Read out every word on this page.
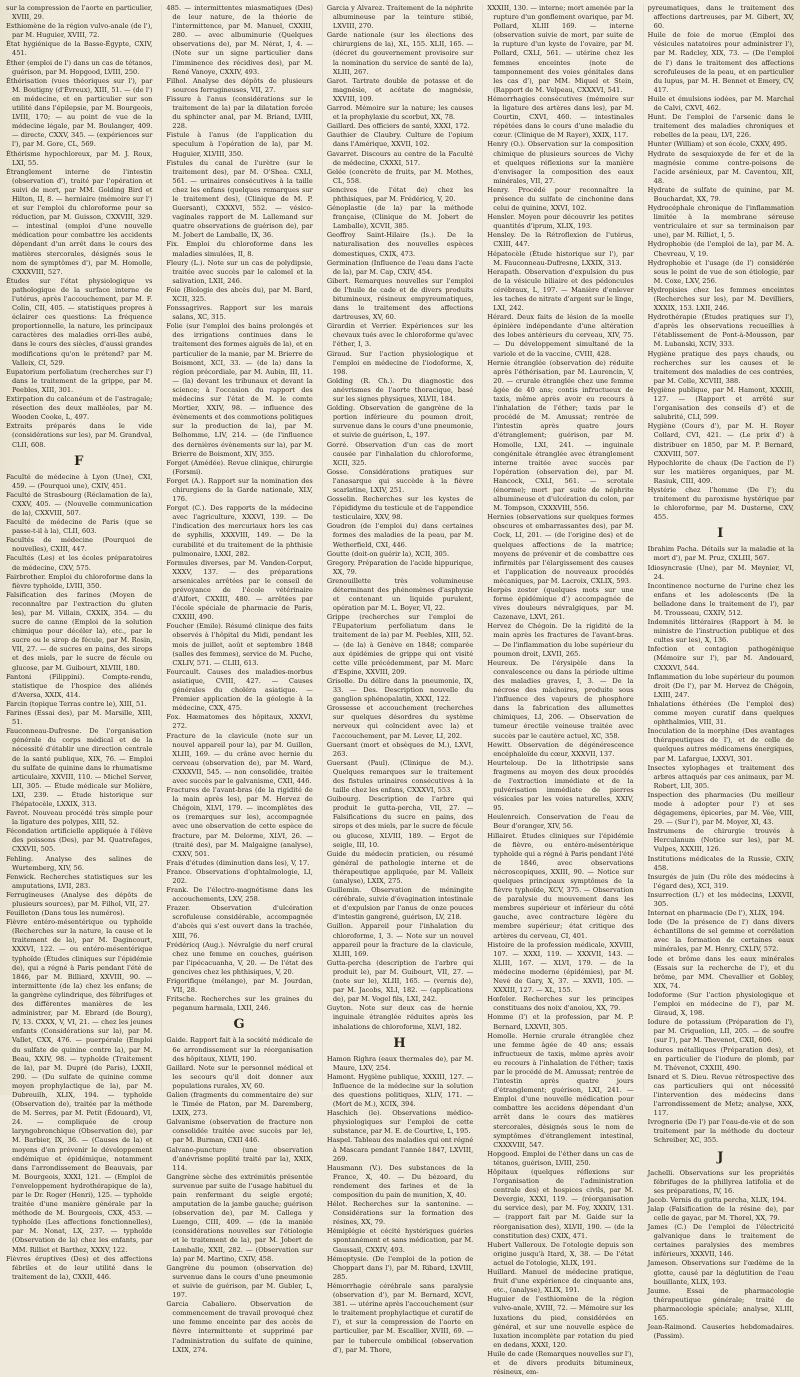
sur la compression de l'aorte en particulier, XVIII, 29.

Esthiomène de la région vulvo-anale (de l'), par M. Huguier, XVIII, 72.

État hygiénique de la Basse-Égypte, CXIV, 451.

Éther (emploi de l') dans un cas de tétanos, guérison, par M. Hopgood, LVIII, 250.

Éthérisation (vues théoriques sur l'), par M. Boutigny (d'Évreux), XIII, 51. — (de l') en médecine, et en particulier sur son utilité dans l'épilepsie, par M. Bourgeois, LVIII, 170; — au point de vue de la médecine légale, par M. Boulanger, 409. — directe, CXXV, 345. — (expériences sur l'), par M. Gore, CL, 569.

Éthérisme hypochloreux, par M. J. Roux, LXI, 55.

Étranglement interne de l'intestin (observation d'), traité par l'opération et suivi de mort, par MM. Golding Bird et Hilton, II, 8. — herniaire (mémoire sur l') et sur l'emploi du chloroforme pour sa réduction, par M. Guisson, CXXVIII, 329. — intestinal (emploi d'une nouvelle médication pour combattre les accidents dépendant d'un arrêt dans le cours des matières stercorales, désignés sous le nom de symptômes d'), par M. Homolle, CXXXVIII, 527.

Études sur l'état physiologique vs pathologique de la surface interne de l'utérus, après l'accouchement, par M. F. Colin, CII, 405. — statistiques propres à éclairer ces questions: La fréquence proportionnelle, la nature, les principaux caractères des maladies orri-îles aubé, dans le cours des siècles, d'aussi grandes modifications qu'on le prétend? par M. Valleix, CI, 529.

Eupatorium perfoliatum (recherches sur l') dans le traitement de la grippe, par M. Peebles, XIII, 301.

Extirpation du calcanéum et de l'astragale; résection des deux malléoles, par M. Wooden Cooke, L, 497.

Extraits préparés dans le vide (considérations sur les), par M. Grandval, CLII, 608.

F

Faculté de médecine à Lyon (Une), CXI, 459. — (Pourquoi une), CXIV, 451.

Faculté de Strasbourg (Réclamation de la), CXXV, 405. — (Nouvelle communication de la), CXXVIII, 507.

Faculté de médecine de Paris (que se passe-t-il à la), CLII, 603.

Facultés de médecine (Pourquoi de nouvelles), CXIII, 447.

Facultés (Les) et les écoles préparatoires de médecine, CXV, 575.

Fairbrother. Emploi du chloroforme dans la fièvre typhoïde, LVIII, 350.

Falsification des farines (Moyen de reconnaître par l'extraction du gluten les), par M. Villain, CXXIX, 354. — du sucre de canne (Emploi de la solution chimique pour décéler la), etc., par le sucre ou le sirop de fécule, par M. Rosin, VII, 27. — de sucres en pains, des sirops et des miels, par le sucre de fécule ou glucose, par M. Guibourt, XLVIII, 180.

Fantoni (Filippini). Compte-rendu, statistique de l'hospice des aliénés d'Aversa, XXIX, 414.

Farcin (topique Terras contre le), XIII, 51.

Farines (Essai des), par M. Marsille, XIII, 51.

Fauconneau-Dufresne. De l'organisation générale du corps médical et de la nécessité d'établir une direction centrale de la santé publique, XIX, 76. — Emploi du sulfate de quinine dans le rhumatisme articulaire, XXVIII, 110. — Michel Server, LII, 305. — Étude médicale sur Molière, LXI, 239. — Étude historique sur l'hépatocèle, LXXIX, 313.

Favrot. Nouveau procédé très simple pour la ligature des polypes, XIII, 52.

Fécondation artificielle appliquée à l'élève des poissons (Des), par M. Quatrefages, CXXVII, 505.

Fehling. Analyse des salines de Wurtemberg, XIV, 56.

Fenwick. Recherches statistiques sur les amputations, LVII, 283.

Ferrugineuses (Analyse des dépôts de plusieurs sources), par M. Filhol, VII, 27.

Feuilleton (Dans tous les numéros).

Fièvre entéro-mésentérique ou typhoïde (Recherches sur la nature, la cause et le traitement de la), par M. Dagincourt, XXXVI, 122. — ou entéro-mésentérique typhoïde (Études cliniques sur l'épidémie de), qui a régné à Paris pendant l'été de 1846, par M. Billiard, XXVIII, 90. — intermittente (de la) chez les enfans; de la gangrène cylindrique, des fébrifuges et des différentes manières de les administrer, par M. Ebrard (de Bourg), IV, 13. CXXX, V, VI, 21. — chez les jeunes enfants (Considérations sur la), par M. Vallet, CXX, 476. — puerpérale (Emploi du sulfate de quinine contre la), par M. Beau, XXIV, 98. — typhoïde (Traitement de la), par M. Dupré (de Paris), LXXII, 290. — (Du sulfate de quinine comme moyen prophylactique de la), par M. Dubreuilh, XLIX, 194. — typhoïde (Observation de), traitée par la méthode de M. Serres, par M. Petit (Édouard), VI, 24. — compliquée de croup laryngobronchique (Observation de), par M. Barbier, IX, 36. — (Causes de la) et moyens d'en prévenir le développement endémique et épidémique, notamment dans l'arrondissement de Beauvais, par M. Bourgeois, XXXI, 121. — (Emploi de l'enveloppement hydrothérapique de la), par le Dr. Roger (Henri), 125. — typhoïde traitée d'une manière générale par la méthode de M. Bourgeois, CXX, 453. — typhoïde (Les affections fonctionnelles), par M. Nonat, LX, 237. — typhoïde (Observation de la) chez les enfants, par MM. Rilliet et Barthez, XXXV, 122.

Fièvres éruptives (Des) et des affections fébriles et de leur utilité dans le traitement de la), CXXII, 446.

485. — intermittentes miasmatiques (Des) de leur nature, de la théorie de l'intermittence, par M. Manuel, CXXIII, 280. — avec albuminurie (Quelques observations de), par M. Nérat, I, 4. — (Note sur un signe particulier dans l'imminence des récidives des), par M. René Vanoye, CXXIV, 493.

Filhol. Analyse des dépôts de plusieurs sources ferrugineuses, VII, 27.

Fissure à l'anus (considérations sur le traitement de la) par la dilatation forcée du sphincter anal, par M. Briand, LVIII, 228.

Fistule à l'anus (de l'application du speculum à l'opération de la), par M. Huguier, XLVIII, 350.

Fistules du canal de l'urètre (sur le traitement des), par M. O'Shea. CXLI, 561. — urinaires consécutives à la taille chez les enfans (quelques remarques sur le traitement des), (Clinique de M. P. Guersant), CXXXVI, 552. — vésico-vaginales rapport de M. Lallemand sur quatre observations de guérison de), par M. Jobert de Lamballe, IX, 36.

Fix. Emploi du chloroforme dans les maladies simulées, II, 8.

Fleury (L.). Note sur un cas de polydipsie, traitée avec succès par le calomel et la salivation, LXII, 246.

Foie (Biologie des abcès du), par M. Bard, XCII, 325.

Fonssagrives. Rapport sur les marais salans, XC, 315.

Folie (sur l'emploi des bains prolongés et des irrigations continues dans le traitement des formes aiguës de la), et en particulier de la manie, par M. Brierre de Boismont, XCI, 33. — (de la) dans la région précordiale, par M. Aubin, III, 11. — (la) devant les tribunaux et devant la science; à l'occasion du rapport des médecins sur l'état de M. le comte Mortier, XXIV, 98. — influence des évènements et des commotions politiques sur la production de la), par M. Belhomme, LIV, 214. — (de l'influence des dernières évènements sur la), par M. Brierre de Boismont, XIV, 355.

Forget (Amédée). Revue clinique, chirurgie (Forsmi).

Forget (A.). Rapport sur la nomination des chirurgiens de la Garde nationale, XLV, 176.

Forget (C.). Des rapports de la médecine avec l'agriculture, XXXVI, 139. — De l'indication des mercuriaux hors les cas de syphilis, XXXVIII, 149. — De la curabilité et du traitement de la phthisie pulmonaire, LXXI, 282.

Formules diverses, par M. Vanden-Corput, XXXV, 137. — des préparations arsenicales arrêtées par le conseil de prévoyance de l'école vétérinaire d'Alfort, CXXIII, 480. — arrêtées par l'école spéciale de pharmacie de Paris, CXXIII, 490.

Foucher (Emile). Résumé clinique des faits observés à l'hôpital du Midi, pendant les mois de juillet, août et septembre 1848 (salles des femmes), service de M. Puche, CXLIV, 571. — CLIII, 613.

Fourcault. Causes des maladies-morbus asiatique, CVIII, 427. — Causes générales du choléra asiatique. — Premier application de la géologie à la médecine, CXX, 475.

Fox. Hæmatomes des hôpitaux, XXXVI, 272.

Fracture de la clavicule (note sur un nouvel appareil pour la), par M. Guillon, XLIII, 169. — du crâne avec hernie du cerveau (observation de), par M. Ward, CXXXVII, 545. — non consolidée, traitée avec succès par le galvanisme, CXII, 446.

Fractures de l'avant-bras (de la rigidité de la main après les), par M. Hervez de Chégoin, XLVI, 179. — incomplètes des os (remarques sur les), accompagnée avec une observation de cette espèce de fracture, par M. Delorme, XLVI, 26. — (traité des), par M. Malgaigne (analyse), CXXV, 501.

Frais d'études (diminution dans les), V, 17.

France. Observations d'ophtalmologie, LI, 202.

Frank. De l'électro-magnétisme dans les accouchements, LXV, 258.

Frazer. Observation d'ulcération scrofuleuse considérable, accompagnée d'abcès qui s'est ouvert dans la trachée, XIII, 76.

Frédéricq (Aug.). Névralgie du nerf crural chez une femme en couches, guérison par l'ipécacuanha, V, 20. — De l'état des gencives chez les phthisiques, V, 20.

Frigorifique (mélange), par M. Jourdan, VII, 28.

Fritsche. Recherches sur les graines du peganum harmala, LXII, 246.

G

Gaide. Rapport fait à la société médicale de 6e arrondissement sur la réorganisation des hôpitaux, XLVII, 190.

Gaillard. Note sur le personnel médical et les secours qu'il doit donner aux populations rurales, XV, 60.

Galien (fragments du commentaire de) sur le Timée de Platon, par M. Daremberg, LXIX, 273.

Galvanisme (observation de fracture non consolidée traitée avec succès par le), par M. Burman, CXII 446.

Galvano-puncture (une observation d'anévrisme poplité traité par la), XXIX, 114.

Gangrène sèche des extrémités présentée survenue par suite de l'usage habituel du pain renfermant du seigle ergoté; amputation de la jambe gauche; guérison (observation de), par M. Callega y Luengo, CIII, 409. — (de la maniée (considérations nouvelles sur l'étiologie et le traitement de la), par M. Jobert de Lamballe, XXII, 282. — (Observation sur la) par M. Martino, CXIV, 458.

Gangrène du poumon (observation de) survenue dans le cours d'une pneumonie et suivie de guérison, par M. Gubler, L, 197.

Garcia Cabaliero. Observation de commencement de travail provoqué chez une femme enceinte par des accès de fièvre intermittente et supprimé par l'administration du sulfate de quinine, LXIX, 274.

Garcia y Alvarez. Traitement de la néphrite albumineuse par la teinture stibié, LXVIII, 270.

Garde nationale (sur les élections des chirurgiens de la), XL, 155. XLII, 165. — (décret du gouvernement provisoire sur la nomination du service de santé de la), XLIII, 267.

Garot. Tartrate double de potasse et de magnésie, et acétate de magnésie, XXVIII, 109.

Garrod. Mémoire sur la nature; les causes et la prophylaxie du scorbut, XX, 78.

Gaillard. Des officiers de santé, XXXI, 172.

Gauthier de Claubry. Culture de l'opium dans l'Amérique, XXVII, 102.

Gavarret. Discours au centre de la Faculté de médecine, CXXXI, 517.

Gelée (concrète de fruits, par M. Mothes, CL, 558.

Gencives (de l'état de) chez les phthisiques, par M. Frédéricq, V, 20.

Génoplastie (de la) par la méthode française, (Clinique de M. Jobert de Lamballe), XCVII, 385.

Geoffroy Saint-Hilaire (Is.). De la naturalisation des nouvelles espèces domestiques, CXIX, 473.

Germination (Influence de l'eau dans l'acte de la), par M. Cap, CXIV, 454.

Gibert. Remarques nouvelles sur l'emploi de l'huile de cade et de divers produits bitumineux, résineux empyreumatiques, dans le traitement des affections dartreuses, XV, 60.

Girardin et Verrier. Expériences sur les chevaux tués avec le chloroforme qu'avec l'éther, I, 3.

Giraud. Sur l'action physiologique et l'emploi en médecine de l'iodoforme, X, 198.

Golding (R. Ch.). Du diagnostic des anévrismes de l'aorte thoracique, basé sur les signes physiques, XLVII, 184.

Golding. Observation de gangrène de la portion inférieure du poumon droit, survenue dans le cours d'une pneumonie, et suivie de guérison, L, 197.

Gorré. Observation d'un cas de mort causée par l'inhalation du chloroforme, XCII, 325.

Gosse. Considérations pratiques sur l'anasarque qui succède à la fièvre scarlatine, LXIV, 251.

Gosselin. Recherches sur les kystes de l'épididyme du testicule et de l'appendice testiculaire, XXV, 98.

Goudron (de l'emploi du) dans certaines formes des maladies de la peau, par M. Wetherfield, CXI, 446.

Goutte (doit-on guérir la), XCII, 305.

Gregory. Préparation de l'acide hippurique, XX, 79.

Grenouillette très volumineuse déterminant des phénomènes d'asphyxie et contenant un liquide purulent, opération par M. L. Boyer, VI, 22.

Grippe (recherches sur l'emploi de l'Eupatorium perfoliatum dans le traitement de la) par M. Peebles, XIII, 52. — (de la) à Genève en 1848; comparée aux épidémies de grippe qui ont visité cette ville précédemment, par M. Marc d'Espine, XXVIII, 209.

Grisolle. Du délire dans la pneumonie, IX, 33. — Des. Description nouvelle du ganglion sphénopalatin, XXXI, 122.

Grossesse et accouchement (recherches sur quelques désordres du système nerveux qui coïncident avec la) et l'accouchement, par M. Lever, LI, 202.

Guersant (mort et obsèques de M.), LXVI, 263.

Guersant (Paul). (Clinique de M.). Quelques remarques sur le traitement des fistules urinaires consécutives à la taille chez les enfans, CXXXVI, 553.

Guibourg. Description de l'arbre qui produit le gutta-percha, VII, 27. — Falsifications du sucre en pains, des sirops et des miels, par le sucre de fécule ou glucose, XLVIII, 189. — Ergot de seigle, III, 10.

Guide du médecin praticien, ou résumé général de pathologie interne et de thérapeutique appliquée, par M. Valleix (analyse), LXIX, 275.

Guillemin. Observation de méningite cérébrale, suivie d'évagination intestinale et d'expulsion par l'anus de onze pouces d'intestin gangrené, guérison, LV, 218.

Guillon. Appareil pour l'inhalation du chloroforme, I, 3. — Note sur un nouvel appareil pour la fracture de la clavicule, XLIII, 169.

Gutta-percha (description de l'arbre qui produit le), par M. Guibourt, VII, 27. — (note sur le), XLIII, 165. — (vernis de), par M. Jacobs, XLI, 182. — (applications de), par M. Vogel fils, LXI, 242.

Guyton. Note sur deux cas de hernie inguinale étranglée réduites après les inhalations de chloroforme, XLVI, 182.

H

Hamon Righra (eaux thermales de), par M. Maure, LXV, 254.

Hamont. Hygiène publique, XXXIII, 127. — Influence de la médecine sur la solution des questions politiques, XLIV, 171. — (Mort de M.), XCIX, 394.

Haschich (le). Observations médico-physiologiques sur l'emploi de cette substance, par M. E. de Courtive, L, 195.

Haspel. Tableau des maladies qui ont régné à Mascara pendant l'année 1847, LXVIII, 269.

Hausmann (V.). Des substances de la France, X, 40. — Du bézoard, du rendement des farines et de la composition du pain de munition, X, 40.

Hélot. Recherches sur la santonine. — Considérations sur la formation des résines, XX, 79.

Hémiplégie et cécité hystériques guéries spontanément et sans médication, par M. Gaussail, CXXIV, 493.

Hémoptysie. (De l'emploi de la potion de Choppart dans l'), par M. Ribard, LXVIII, 285.

Hémorrhagie cérébrale sans paralysie (observation d'), par M. Bernard, XCVI, 381. — utérine après l'accouchement (sur le traitement prophylactique et curatif de l'), et sur la compression de l'aorte en particulier, par M. Escallier, XVIII, 69. — par le tubercule ombilical (observation d'), par M. Thore,

XXXIII, 130. — interne; mort amenée par la rupture d'un gonflement ovarique, par M. Pollard, XLIII 169. — interne (observation suivie de mort, par suite de la rupture d'un kyste de l'ovaire, par M. Pollard, CXLI, 561. — utérine chez les femmes enceintes (note de tamponnement des voies génitales dans les cas d'), par MM. Miquel et Stein, (Rapport de M. Velpeau, CXXXVI, 541.

Hémorrhagies consécutives (mémoire sur la ligature des artères dans les), par M. Courtin, CXVI, 460. — intestinales répétées dans le cours d'une maladie du cœur. (Clinique de M Rayer), XXIX, 117.

Henry (O.). Observation sur la composition chimique de plusieurs sources de Vichy et quelques réflexions sur la manière d'envisager la composition des eaux minérales, VII, 27.

Henry. Procédé pour reconnaître la présence du sulfate de cinchonine dans celui de quinine, XXVI, 102.

Hensler. Moyen pour découvrir les petites quantités d'iprum, XLIX, 193.

Hensley. De la Rétroflexion de l'utérus, CXIII, 447.

Hépatocèle (Étude historique sur l'), par M. Fauconneau-Dufresne, LXXIX, 313.

Herapath. Observation d'expulsion du pus de la vésicule biliaire et des pédoncules cérébraux, L, 197. — Manière d'enlever les taches de nitrate d'argent sur le linge, LXI, 242.

Hérard. Deux faits de lésion de la moelle épinière indépendante d'une altération des lobes antérieurs du cerveau, XIV, 75. — Du développement simultané de la variole et de la vaccine, CVIII, 428.

Hernie étranglée (observation de) réduite après l'éthérisation, par M. Laurencin, V, 20. — crurale étranglée chez une femme âgée de 40 ans; contis infructueux de taxis, même après avoir eu recours à l'inhalation de l'éther; taxis par le procédé de M. Amussat; rentrée de l'intestin après quatre jours d'étranglement; guérison, par M. Homolle, LXI, 241. — inguinale congénitale étranglée avec étranglement interne traitée avec succès par l'opération (observation de), par M. Hancock, CXLI, 561. — scrotale (énorme); mort par suite de néphrite albumineuse et d'ulcération du colon, par M. Tompson, CXXXVIII, 556.

Hernies (observations sur quelques formes obscures et embarrassantes des), par M. Cock, LI, 201. — (de l'origine des) et de quelques affections de la matrice; moyens de prévenir et de combattre ces infirmités par l'élargissement des causes et l'application de nouveaux procédés mécaniques, par M. Lacroix, CXLIX, 593.

Herpès zoster (quelques mots sur une forme épidémique d') accompagnée de vives douleurs névralgiques, par M. Cazenave, LXVI, 261.

Hervez de Chégoin. De la rigidité de la main après les fractures de l'avant-bras. — De l'inflammation du lobe supérieur du poumon droit, LXVII, 265.

Heureux. De l'érysipèle dans la convalescence ou dans la période ultime des maladies graves, I, 3. — De la nécrose des mâchoires, produite sous l'influence des vapeurs de phosphore dans la fabrication des allumettes chimiques, LI, 206. — Observation de tumeur érectile veineuse traitée avec succès par le cautère actuel, XC, 358.

Hewitt. Observation de dégénérescence encéphaloïde du cœur, XXXVII, 137.

Heurteloup. De la lithotripsie sans fragmens au moyen des deux procédés de l'extraction immédiate et de la pulvérisation immédiate de pierres vésicales par les voies naturelles, XXIV, 95.

Heulenreich. Conservation de l'eau de Beur d'oranger, XIV, 56.

Hillairet. Études cliniques sur l'épidémie de fièvre, ou entéro-mésentérique typhoïde qui a régné à Paris pendant l'été de 1846, avec observations nécroscopiques, XXIII, 90. — Notice sur quelques principaux symptômes de la fièvre typhoïde, XCV, 375. — Observation de paralysie du mouvement dans les membres supérieur et inférieur du côté gauche, avec contracture légère du membre supérieur; état critique des artères du cerveau, CI, 401.

Histoire de la profession médicale, XXVIII, 107. — XXXI, 119. — XXXVII, 143. — XLIII, 167. — XLVI, 179. — de la médecine moderne (épidémies), par M. Nevé de Gary, X, 37. — XXVII, 105. — XXXIII, 127. — XL, 155.

Hœfeler. Recherches sur les principes constituans des noix d'anoiou, XX, 79.

Homme (l') et la profession, par M. P. Bernard, LXXVII, 305.

Homolle. Hernie crurale étranglée chez une femme âgée de 40 ans; essais infructueux de taxis, même après avoir eu recours à l'inhalation de l'éther; taxis par le procédé de M. Amussat; rentrée de l'intestin après quatre jours d'étranglement; guérison, LXI, 241. — Emploi d'une nouvelle médication pour combattre les accidens dépendant d'un arrêt dans le cours des matières stercorales, désignés sous le nom de symptômes d'étranglement intestinal, CXXXVIII, 547.

Hopgood. Emploi de l'éther dans un cas de tétanos, guérison, LVIII, 250.

Hôpitaux (quelques réflexions sur l'organisation de l'administration centrale des) et hospices civils, par M. Devergie, XXXI, 119. — (réorganisation du service des), par M. Foy, XXXIV, 131. — (rapport fait par M. Gaide sur la réorganisation des), XLVII, 190. — (de la constitution des) CXIX, 471.

Hubert Valleroux. De l'otologie depuis son origine jusqu'à Itard, X, 38. — De l'état actuel de l'otologie, XLIX, 191.

Huillard. Manuel de médecine pratique, fruit d'une expérience de cinquante ans, etc., (analyse), XLIX, 191.

Huguier de l'esthiomène de la région vulvo-anale, XVIII, 72. — Mémoire sur les luxations du pied, considérées en général, et sur une nouvelle espèce de luxation incomplète par rotation du pied en dedans, XXXI, 120.

Huile de cade (Remarques nouvelles sur l'), et de divers produits bitumineux, résineux, em-

pyreumatiques, dans le traitement des affections dartreuses, par M. Gibert, XV, 60.

Huile de foie de morue (Emploi des vésicules natatoires pour administrer l'), par M. Radcley, XIX, 73. — (De l'emploi de l') dans le traitement des affections scrofuleuses de la peau, et en particulier du lupus, par M. H. Bennet et Emery, CV, 417.

Huile et émulsions iodées, par M. Marchal de Calvi, CXVI, 462.

Hunt. De l'emploi de l'arsenic dans le traitement des maladies chroniques et rebelles de la peau, LVI, 226.

Hunter (William) et son école, CXXV, 495.

Hydrate de sesquioxyde de fer et de la magnésie comme contre-poisons de l'acide arsénieux, par M. Caventou, XII, 48.

Hydrate de sulfate de quinine, par M. Bouchardat, XX, 79.

Hydrocéphale chronique de l'inflammation limitée à la membrane séreuse ventriculaire et sur sa terminaison par une), par M. Rilliet, I, 5.

Hydrophobie (de l'emploi de la), par M. A. Chevreau, V, 19.

Hydrophobie et l'usage (de l') considérée sous le point de vue de son étiologie, par M. Coxe, LXV, 256.

Hydropisies chez les femmes enceintes (Recherches sur les), par M. Devilliers, XXXIX, 153. LXII, 246.

Hydrothérapie (Études pratiques sur l'), d'après les observations recueillies à l'établissement de Pont-à-Mousson, par M. Lubanski, XCIV, 333.

Hygiène pratique des pays chauds, ou recherches sur les causes et le traitement des maladies de ces contrées, par M. Celle, XCVIII, 388.

Hygiène publique, par M. Hamont, XXXIII, 127. — (Rapport et arrêté sur l'organisation des conseils d') et de salubrité, CLI, 599.

Hygiène (Cours d'), par M. H. Royer Collard, CVI, 421. — (Le prix d') à distribuer en 1850, par M. P. Bernard, CXXVIII, 507.

Hypochlorite de chaux (De l'action de l') sur les matières organiques, par M. Rasiuk, CIII, 409.

Hystérie chez l'homme (De l'); du traitement du paroxisme hystérique par le chloroforme, par M. Dusterne, CXV, 455.

I

Ibrahim Pacha. Détails sur la maladie et la mort d'), par M. Pruz, CXLIII, 567.

Idiosyncrasie (Une), par M. Meynier, VI, 24.

Incontinence nocturne de l'urine chez les enfans et les adolescents (De la belladone dans le traitement de l'), par M. Trousseau, CXXIV, 512.

Indemnités littéraires (Rapport à M. le ministre de l'instruction publique et des cultes sur les), X, 136.

Infection et contagion pathogénique (Mémoire sur l'), par M. Andouard, CXXXVI, 544.

Inflammation du lobe supérieur du poumon droit (De l'), par M. Hervez de Chégoin, LXIII, 247.

Inhalations éthérées (De l'emploi des) comme moyen curatif dans quelques ophthalmies, VIII, 31.

Inoculation de la morphine (Des avantages thérapeutiques de l'), et de celle de quelques autres médicamens énergiques, par M. Lafargue, LXXVI, 301.

Insectes xylophages et traitement des arbres attaqués par ces animaux, par M. Robert, LII, 305.

Inspection des pharmacies (Du meilleur mode à adopter pour l') et ses dégagemens, épiceries, par M. Vée, VIII, 29. — (Sur l'), par M. Moyer, XI, 43.

Instrumens de chirurgie trouvés à Herculanum (Notice sur les), par M. Vulpes, XXXIII, 126.

Institutions médicales de la Russie, CXIV, 458.

Insurgés de juin (Du rôle des médecins à l'égard des), XCI, 319.

Insurrection (L') et les médecins, LXXVII, 305.

Internat en pharmacie (De l'), XLIX, 194.

Iode (De la présence de l') dans divers échantillons de sel gemme et corrélation avec la formation de certaines eaux minérales, par M. Henry, CXLIV, 572.

Iode et brôme dans les eaux minérales (Essais sur la recherche de l'), et du brôme, par MM. Chevallier et Gobley, XIX, 74.

Iodoforme (Sur l'action physiologique et l'emploi en médecine de l'), par M. Giraud, X, 198.

Iodure de potassium (Préparation de l'), par M. Criquelion, LII, 205. — de soufre (sur l'), par M. Thevenot, CXII, 606.

Iodures métalliques (Préparation des), et en particulier de l'iodure de plomb, par M. Thévenot, CXXIII, 490.

Isnard et S. Dieu. Revue rétrospective des cas particuliers qui ont nécessité l'intervention des médecins dans l'arrondissement de Metz; analyse, XXX, 117.

Ivrognerie (De l') par l'eau-de-vie et de son traitement par la méthode du docteur Schreiber, XC, 355.

J

Jachelli. Observations sur les propriétés fébrifuges de la phillyrea latifolia et de ses préparations, IV, 16.

Jacob. Vernis du gutta percha, XLIX, 194.

Jalap (Falsification de la résine de), par celle de gayac, par M. Thorel, XX, 79.

James (C.) De l'emploi de l'électricité galvanique dans le traitement de certaines paralysies des membres inférieurs, XXXVII, 146.

Jameson. Observations sur l'œdème de la glotte, causé par la déglutition de l'eau bouillante, XLIX, 193.

Jaume. Essai de pharmacologie thérapeutique générale; traité de pharmacologie spéciale; analyse, XLIII, 165.

Jean-Raimond. Causeries hebdomadaires. (Passim).
